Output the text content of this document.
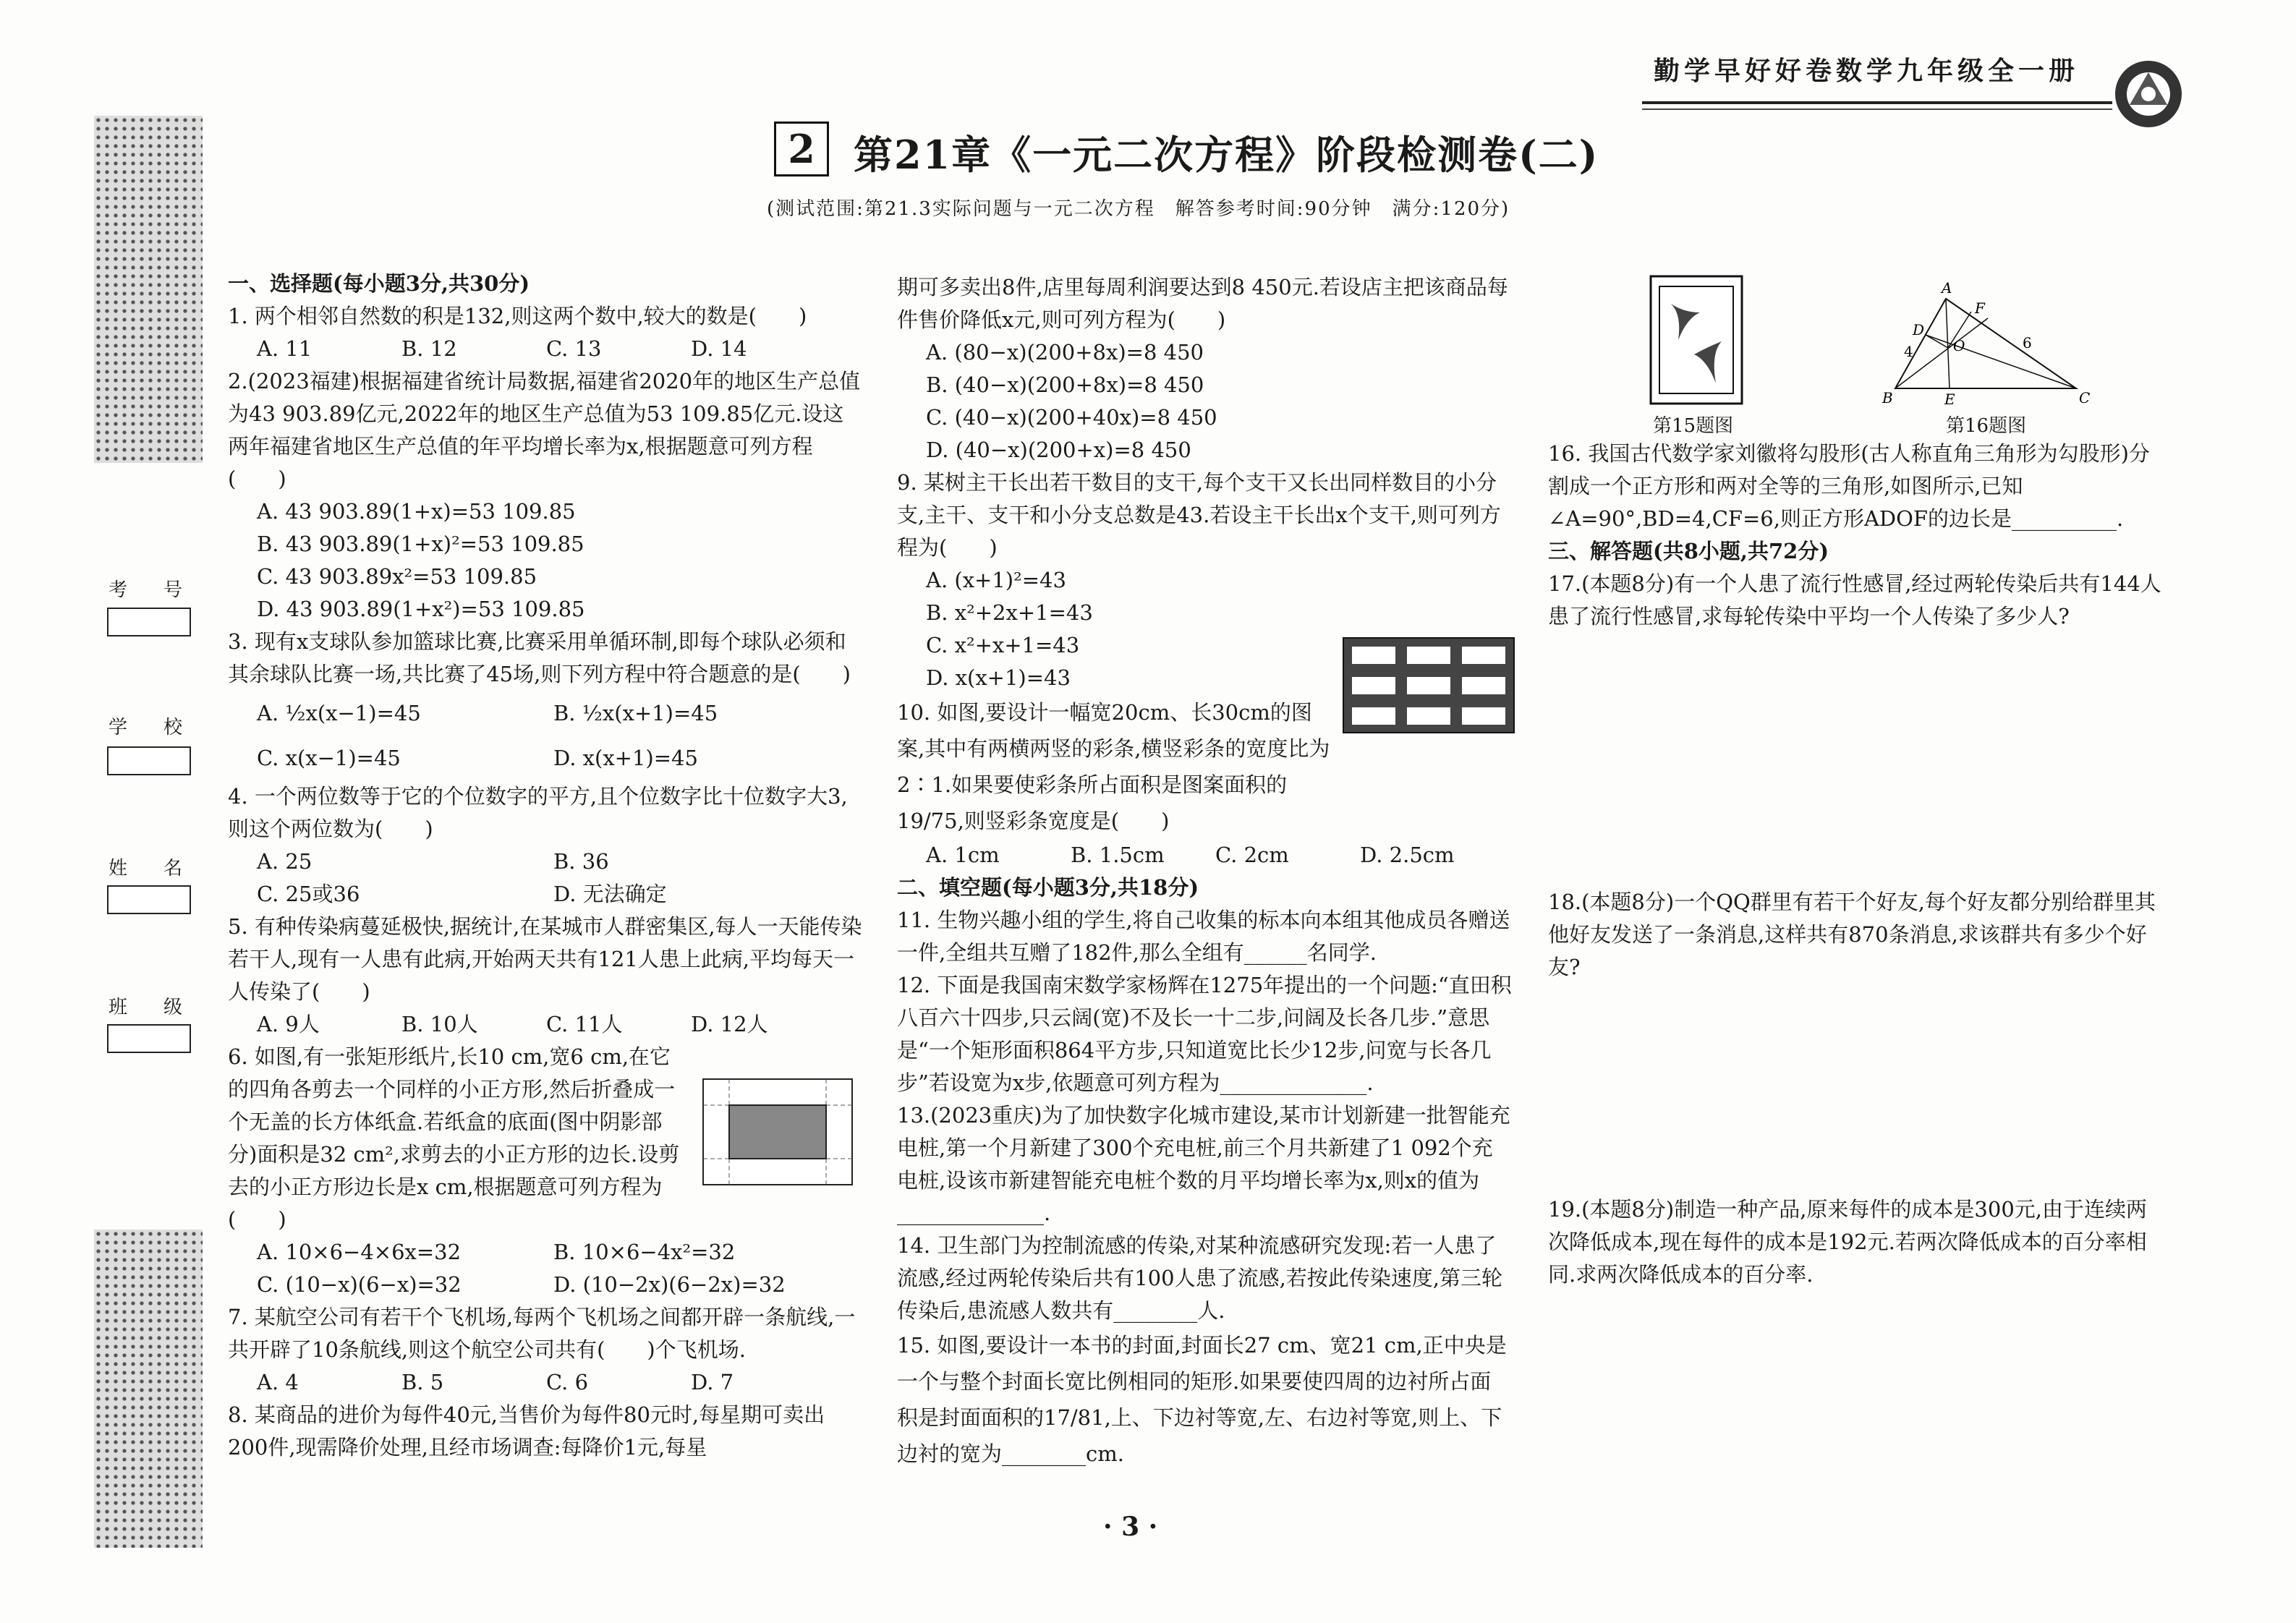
勤学早好好卷数学九年级全一册
考号
学校
姓名
班级
2 第21章《一元二次方程》阶段检测卷(二)
(测试范围:第21.3实际问题与一元二次方程　解答参考时间:90分钟　满分:120分)

一、选择题(每小题3分,共30分)

1. 两个相邻自然数的积是132,则这两个数中,较大的数是(　　)

A. 11	B. 12	C. 13	D. 14

2.(2023福建)根据福建省统计局数据,福建省2020年的地区生产总值为43 903.89亿元,2022年的地区生产总值为53 109.85亿元.设这两年福建省地区生产总值的年平均增长率为x,根据题意可列方程(　　)

A. 43 903.89(1+x)=53 109.85
B. 43 903.89(1+x)²=53 109.85
C. 43 903.89x²=53 109.85
D. 43 903.89(1+x²)=53 109.85

3. 现有x支球队参加篮球比赛,比赛采用单循环制,即每个球队必须和其余球队比赛一场,共比赛了45场,则下列方程中符合题意的是(　　)

A. ½x(x−1)=45	B. ½x(x+1)=45
C. x(x−1)=45	D. x(x+1)=45

4. 一个两位数等于它的个位数字的平方,且个位数字比十位数字大3,则这个两位数为(　　)

A. 25	B. 36
C. 25或36	D. 无法确定

5. 有种传染病蔓延极快,据统计,在某城市人群密集区,每人一天能传染若干人,现有一人患有此病,开始两天共有121人患上此病,平均每天一人传染了(　　)

A. 9人	B. 10人	C. 11人	D. 12人

6. 如图,有一张矩形纸片,长10 cm,宽6 cm,在它的四角各剪去一个同样的小正方形,然后折叠成一个无盖的长方体纸盒.若纸盒的底面(图中阴影部分)面积是32 cm²,求剪去的小正方形的边长.设剪去的小正方形边长是x cm,根据题意可列方程为(　　)

A. 10×6−4×6x=32	B. 10×6−4x²=32
C. (10−x)(6−x)=32	D. (10−2x)(6−2x)=32

7. 某航空公司有若干个飞机场,每两个飞机场之间都开辟一条航线,一共开辟了10条航线,则这个航空公司共有(　　)个飞机场.

A. 4	B. 5	C. 6	D. 7

8. 某商品的进价为每件40元,当售价为每件80元时,每星期可卖出200件,现需降价处理,且经市场调查:每降价1元,每星

期可多卖出8件,店里每周利润要达到8 450元.若设店主把该商品每件售价降低x元,则可列方程为(　　)

A. (80−x)(200+8x)=8 450
B. (40−x)(200+8x)=8 450
C. (40−x)(200+40x)=8 450
D. (40−x)(200+x)=8 450

9. 某树主干长出若干数目的支干,每个支干又长出同样数目的小分支,主干、支干和小分支总数是43.若设主干长出x个支干,则可列方程为(　　)

A. (x+1)²=43
B. x²+2x+1=43
C. x²+x+1=43
D. x(x+1)=43

10. 如图,要设计一幅宽20cm、长30cm的图案,其中有两横两竖的彩条,横竖彩条的宽度比为2∶1.如果要使彩条所占面积是图案面积的19/75,则竖彩条宽度是(　　)

A. 1cm	B. 1.5cm	C. 2cm	D. 2.5cm

二、填空题(每小题3分,共18分)

11. 生物兴趣小组的学生,将自己收集的标本向本组其他成员各赠送一件,全组共互赠了182件,那么全组有______名同学.

12. 下面是我国南宋数学家杨辉在1275年提出的一个问题:“直田积八百六十四步,只云阔(宽)不及长一十二步,问阔及长各几步.”意思是“一个矩形面积864平方步,只知道宽比长少12步,问宽与长各几步”若设宽为x步,依题意可列方程为______________.

13.(2023重庆)为了加快数字化城市建设,某市计划新建一批智能充电桩,第一个月新建了300个充电桩,前三个月共新建了1 092个充电桩,设该市新建智能充电桩个数的月平均增长率为x,则x的值为______________.

14. 卫生部门为控制流感的传染,对某种流感研究发现:若一人患了流感,经过两轮传染后共有100人患了流感,若按此传染速度,第三轮传染后,患流感人数共有________人.

15. 如图,要设计一本书的封面,封面长27 cm、宽21 cm,正中央是一个与整个封面长宽比例相同的矩形.如果要使四周的边衬所占面积是封面面积的17/81,上、下边衬等宽,左、右边衬等宽,则上、下边衬的宽为________cm.

第15题图
A
B	C
D
E
F
O
4	6
第16题图

16. 我国古代数学家刘徽将勾股形(古人称直角三角形为勾股形)分割成一个正方形和两对全等的三角形,如图所示,已知∠A=90°,BD=4,CF=6,则正方形ADOF的边长是__________.

三、解答题(共8小题,共72分)

17.(本题8分)有一个人患了流行性感冒,经过两轮传染后共有144人患了流行性感冒,求每轮传染中平均一个人传染了多少人?

18.(本题8分)一个QQ群里有若干个好友,每个好友都分别给群里其他好友发送了一条消息,这样共有870条消息,求该群共有多少个好友?

19.(本题8分)制造一种产品,原来每件的成本是300元,由于连续两次降低成本,现在每件的成本是192元.若两次降低成本的百分率相同.求两次降低成本的百分率.

· 3 ·
